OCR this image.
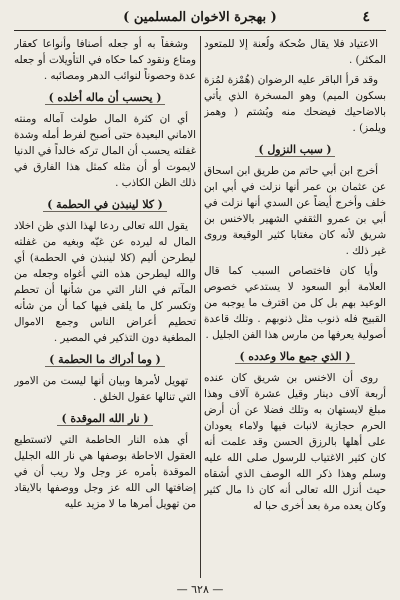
٤
( بهجرة الاخوان المسلمين )

الاعتياد فلا يقال ضُحكة ولُعنة إلا للمتعود المكثر) .

وقد قرأ الباقر عليه الرضوان (هُمْزة لمُزة بسكون الميم) وهو المسخرة الذي يأتي بالاضاحيك فيضحك منه ويُشتم ( وهمز ويلمز) .

( سبب النزول )

أخرج ابن أبي حاتم من طريق ابن اسحاق عن عثمان بن عمر أنها نزلت في أبي ابن خلف وأخرج أيضاً عن السدي أنها نزلت في أبي بن عمرو الثقفي الشهير بالاخنس بن شريق لأنه كان مغتابا كثير الوقيعة وروى غير ذلك .

وأيا كان فاختصاص السبب كما قال العلامة أبو السعود لا يستدعي خصوص الوعيد بهم بل كل من اقترف ما يوجبه من القبيح فله ذنوب مثل ذنوبهم . وتلك قاعدة أصولية يعرفها من مارس هذا الفن الجليل .

( الذي جمع مالا وعدده )

روى أن الاخنس بن شريق كان عنده أربعة آلاف دينار وقيل عشرة آلاف وهذا مبلغ لايستهان به وتلك فضلا عن أن أرض الحرم حجازية لانبات فيها ولاماء يعودان على أهلها بالرزق الحسن وقد علمت أنه كان كثير الاغتياب للرسول صلى الله عليه وسلم وهذا ذكر الله الوصف الذي أشقاه حيث أنزل الله تعالى أنه كان ذا مال كثير وكان يعده مرة بعد أخرى حبا له

وشغفاً به أو جعله أصنافا وأنواعا كعقار ومتاع ونقود كما حكاه في التأويلات أو جعله عدة وحصوناً لنوائب الدهر ومصائبه .

( يحسب أن ماله أخلده )

أي ان كثرة المال طولت آماله ومنته الاماني البعيدة حتى أصبح لفرط أمله وشدة غفلته يحسب أن المال تركه خالداً في الدنيا لايموت أو أن مثله كمثل هذا الفارق في ذلك الظن الكاذب .

( كلا لينبذن في الحطمة )

يقول الله تعالى ردعا لهذا الذي ظن اخلاد المال له ليرده عن غيّه وبغيه من غفلته ليطرحن أليم (كلا لينبذن في الحطمة) أي والله ليطرحن هذه التي أغواه وجعله من المآتم في النار التي من شأنها أن تحطم وتكسر كل ما يلقى فيها كما أن من شأنه تحطيم أعراض الناس وجمع الاموال المطغية دون التذكير في المصير .

( وما أدراك ما الحطمة )

تهويل لأمرها وبيان أنها ليست من الامور التي تنالها عقول الخلق .

( نار الله الموقدة )

أي هذه النار الحاطمة التي لاتستطيع العقول الاحاطة بوصفها هي نار الله الجليل الموقدة بأمره عز وجل ولا ريب أن في إضافتها الى الله عز وجل ووصفها بالايقاد من تهويل أمرها ما لا مزيد عليه

— ٦٢٨ —
